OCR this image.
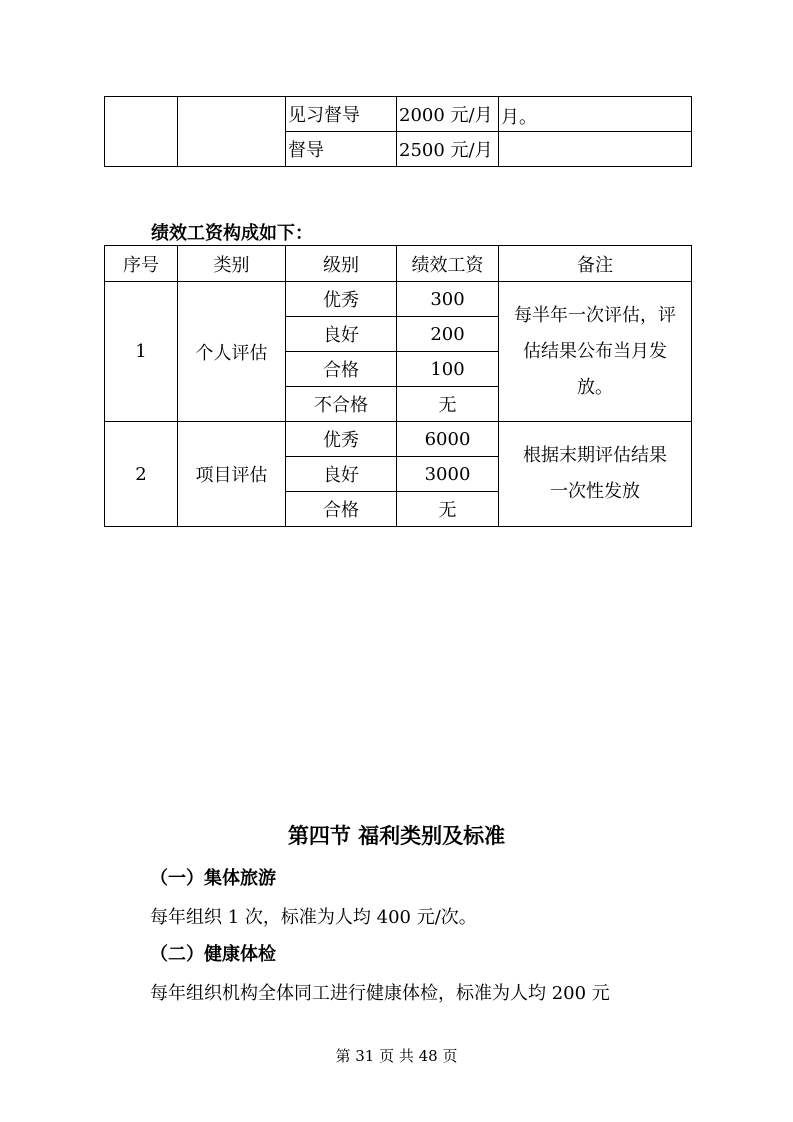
		见习督导	2000 元/月	月。
		督导	2500 元/月	
绩效工资构成如下：
序号	类别	级别	绩效工资	备注
1	个人评估	优秀	300	每半年一次评估，评
估结果公布当月发
放。

		良好	200	
		合格	100	
		不合格	无	
2	项目评估	优秀	6000	根据末期评估结果
一次性发放

		良好	3000	
		合格	无	
第四节 福利类别及标准
（一）集体旅游
每年组织 1 次，标准为人均 400 元/次。
（二）健康体检
每年组织机构全体同工进行健康体检，标准为人均 200 元
第 31 页 共 48 页
